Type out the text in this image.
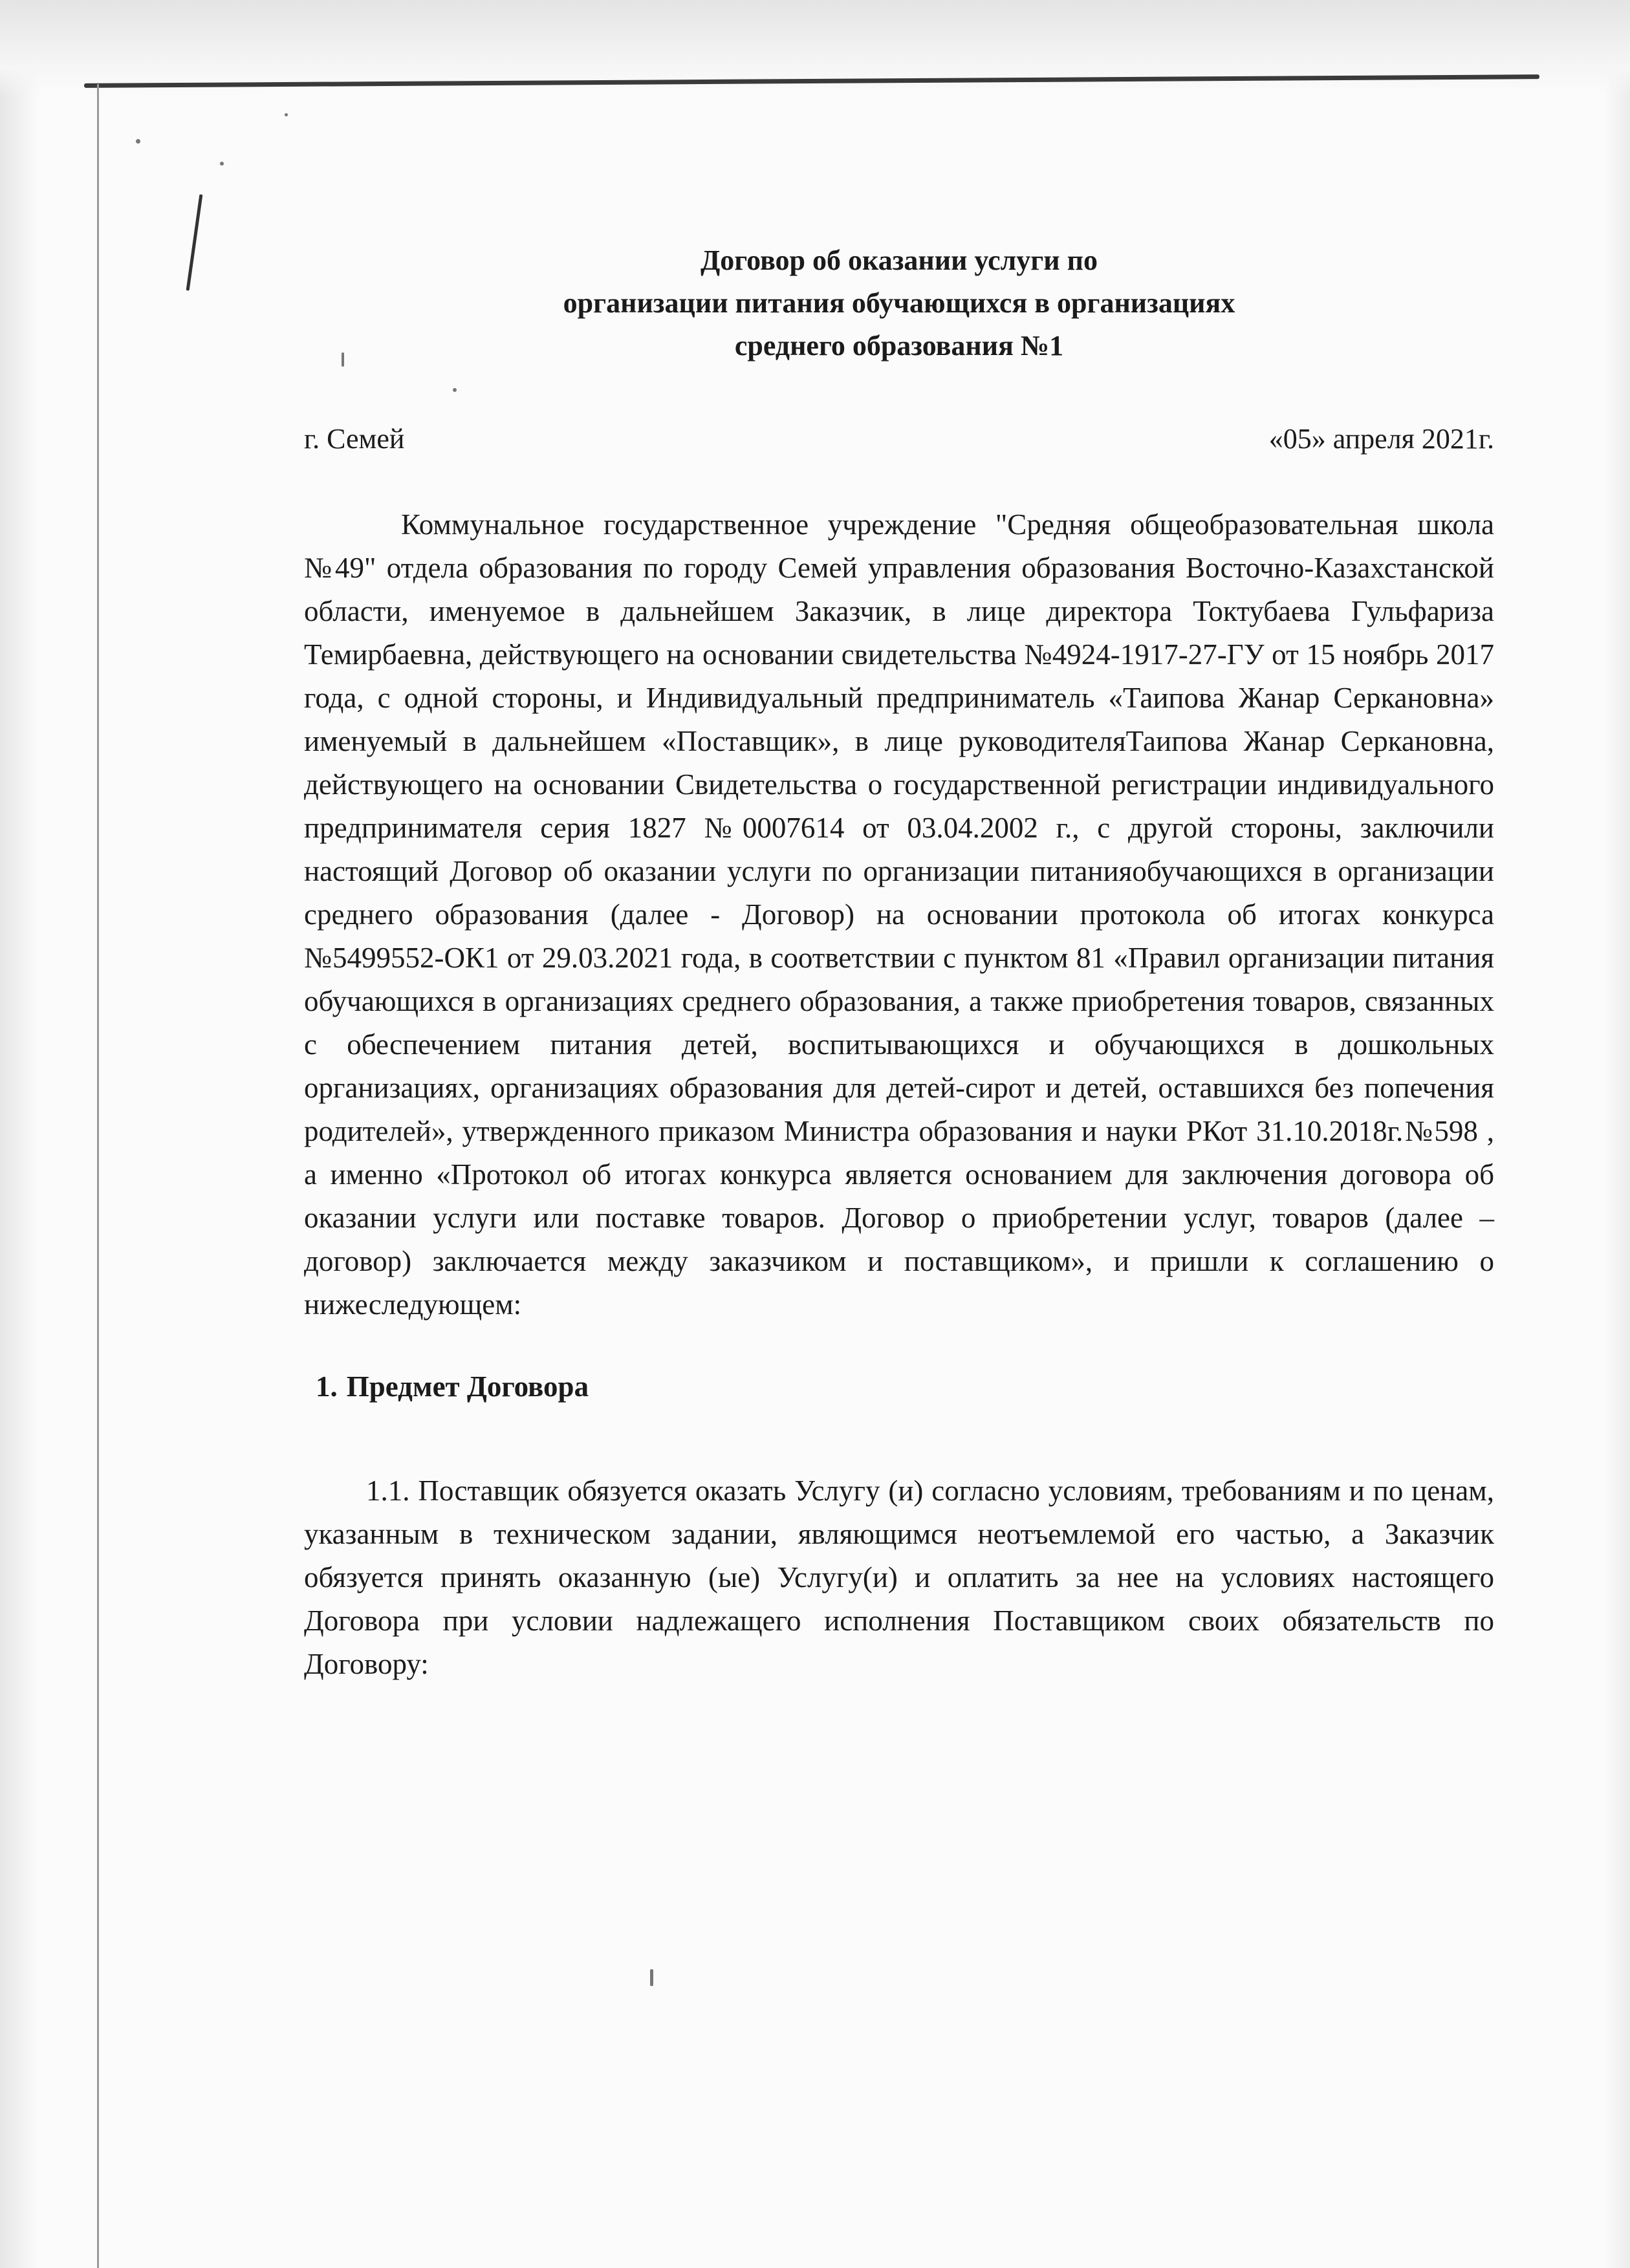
Договор об оказании услуги по
организации питания обучающихся в организациях
среднего образования №1
г. Семей	«05» апреля 2021г.

Коммунальное государственное учреждение "Средняя общеобразовательная школа №49" отдела образования по городу Семей управления образования Восточно-Казахстанской области, именуемое в дальнейшем Заказчик, в лице директора Токтубаева Гульфариза Темирбаевна, действующего на основании свидетельства №4924-1917-27-ГУ от 15 ноябрь 2017 года, с одной стороны, и Индивидуальный предприниматель «Таипова Жанар Серкановна» именуемый в дальнейшем «Поставщик», в лице руководителяТаипова Жанар Серкановна, действующего на основании Свидетельства о государственной регистрации индивидуального предпринимателя серия 1827 №0007614 от 03.04.2002 г., с другой стороны, заключили настоящий Договор об оказании услуги по организации питанияобучающихся в организации среднего образования (далее - Договор) на основании протокола об итогах конкурса №5499552-ОК1 от 29.03.2021 года, в соответствии с пунктом 81 «Правил организации питания обучающихся в организациях среднего образования, а также приобретения товаров, связанных с обеспечением питания детей, воспитывающихся и обучающихся в дошкольных организациях, организациях образования для детей-сирот и детей, оставшихся без попечения родителей», утвержденного приказом Министра образования и науки РКот 31.10.2018г.№598 , а именно «Протокол об итогах конкурса является основанием для заключения договора об оказании услуги или поставке товаров. Договор о приобретении услуг, товаров (далее – договор) заключается между заказчиком и поставщиком», и пришли к соглашению о нижеследующем:

1. Предмет Договора

1.1. Поставщик обязуется оказать Услугу (и) согласно условиям, требованиям и по ценам, указанным в техническом задании, являющимся неотъемлемой его частью, а Заказчик обязуется принять оказанную (ые) Услугу(и) и оплатить за нее на условиях настоящего Договора при условии надлежащего исполнения Поставщиком своих обязательств по Договору:
